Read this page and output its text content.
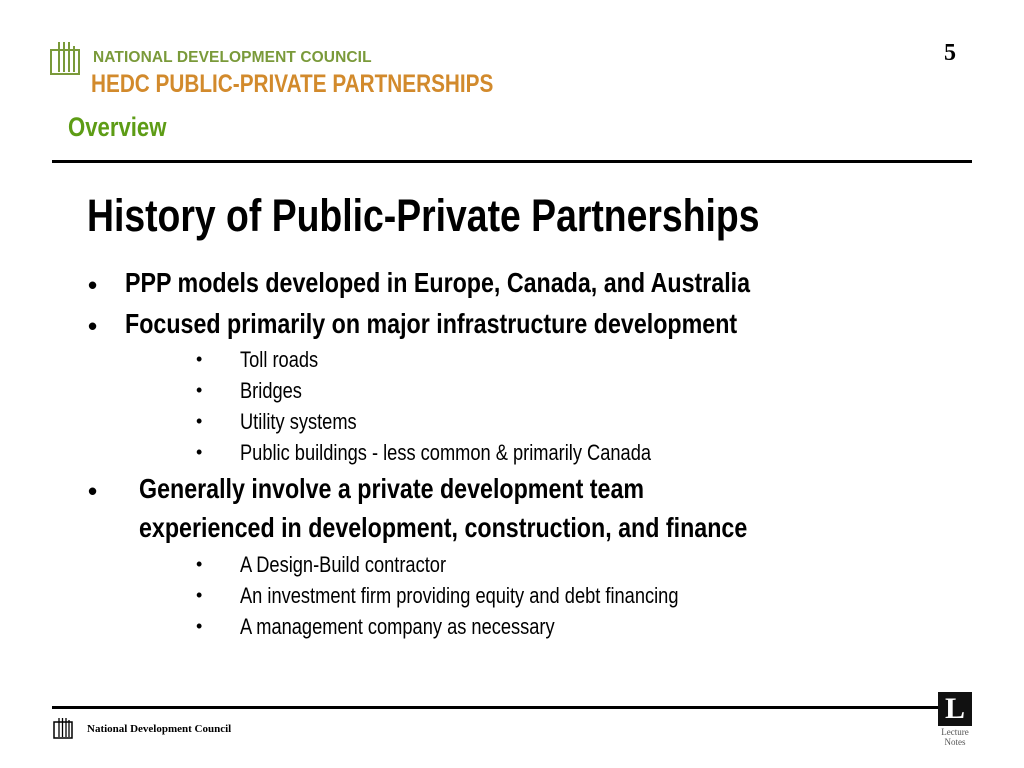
NATIONAL DEVELOPMENT COUNCIL
HEDC PUBLIC-PRIVATE PARTNERSHIPS
Overview
5
History of Public-Private Partnerships
• PPP models developed in Europe, Canada, and Australia
• Focused primarily on major infrastructure development
• Toll roads
• Bridges
• Utility systems
• Public buildings - less common & primarily Canada
• Generally involve a private development team
experienced in development, construction, and finance
• A Design-Build contractor
• An investment firm providing equity and debt financing
• A management company as necessary
National Development Council
L
Lecture
Notes
